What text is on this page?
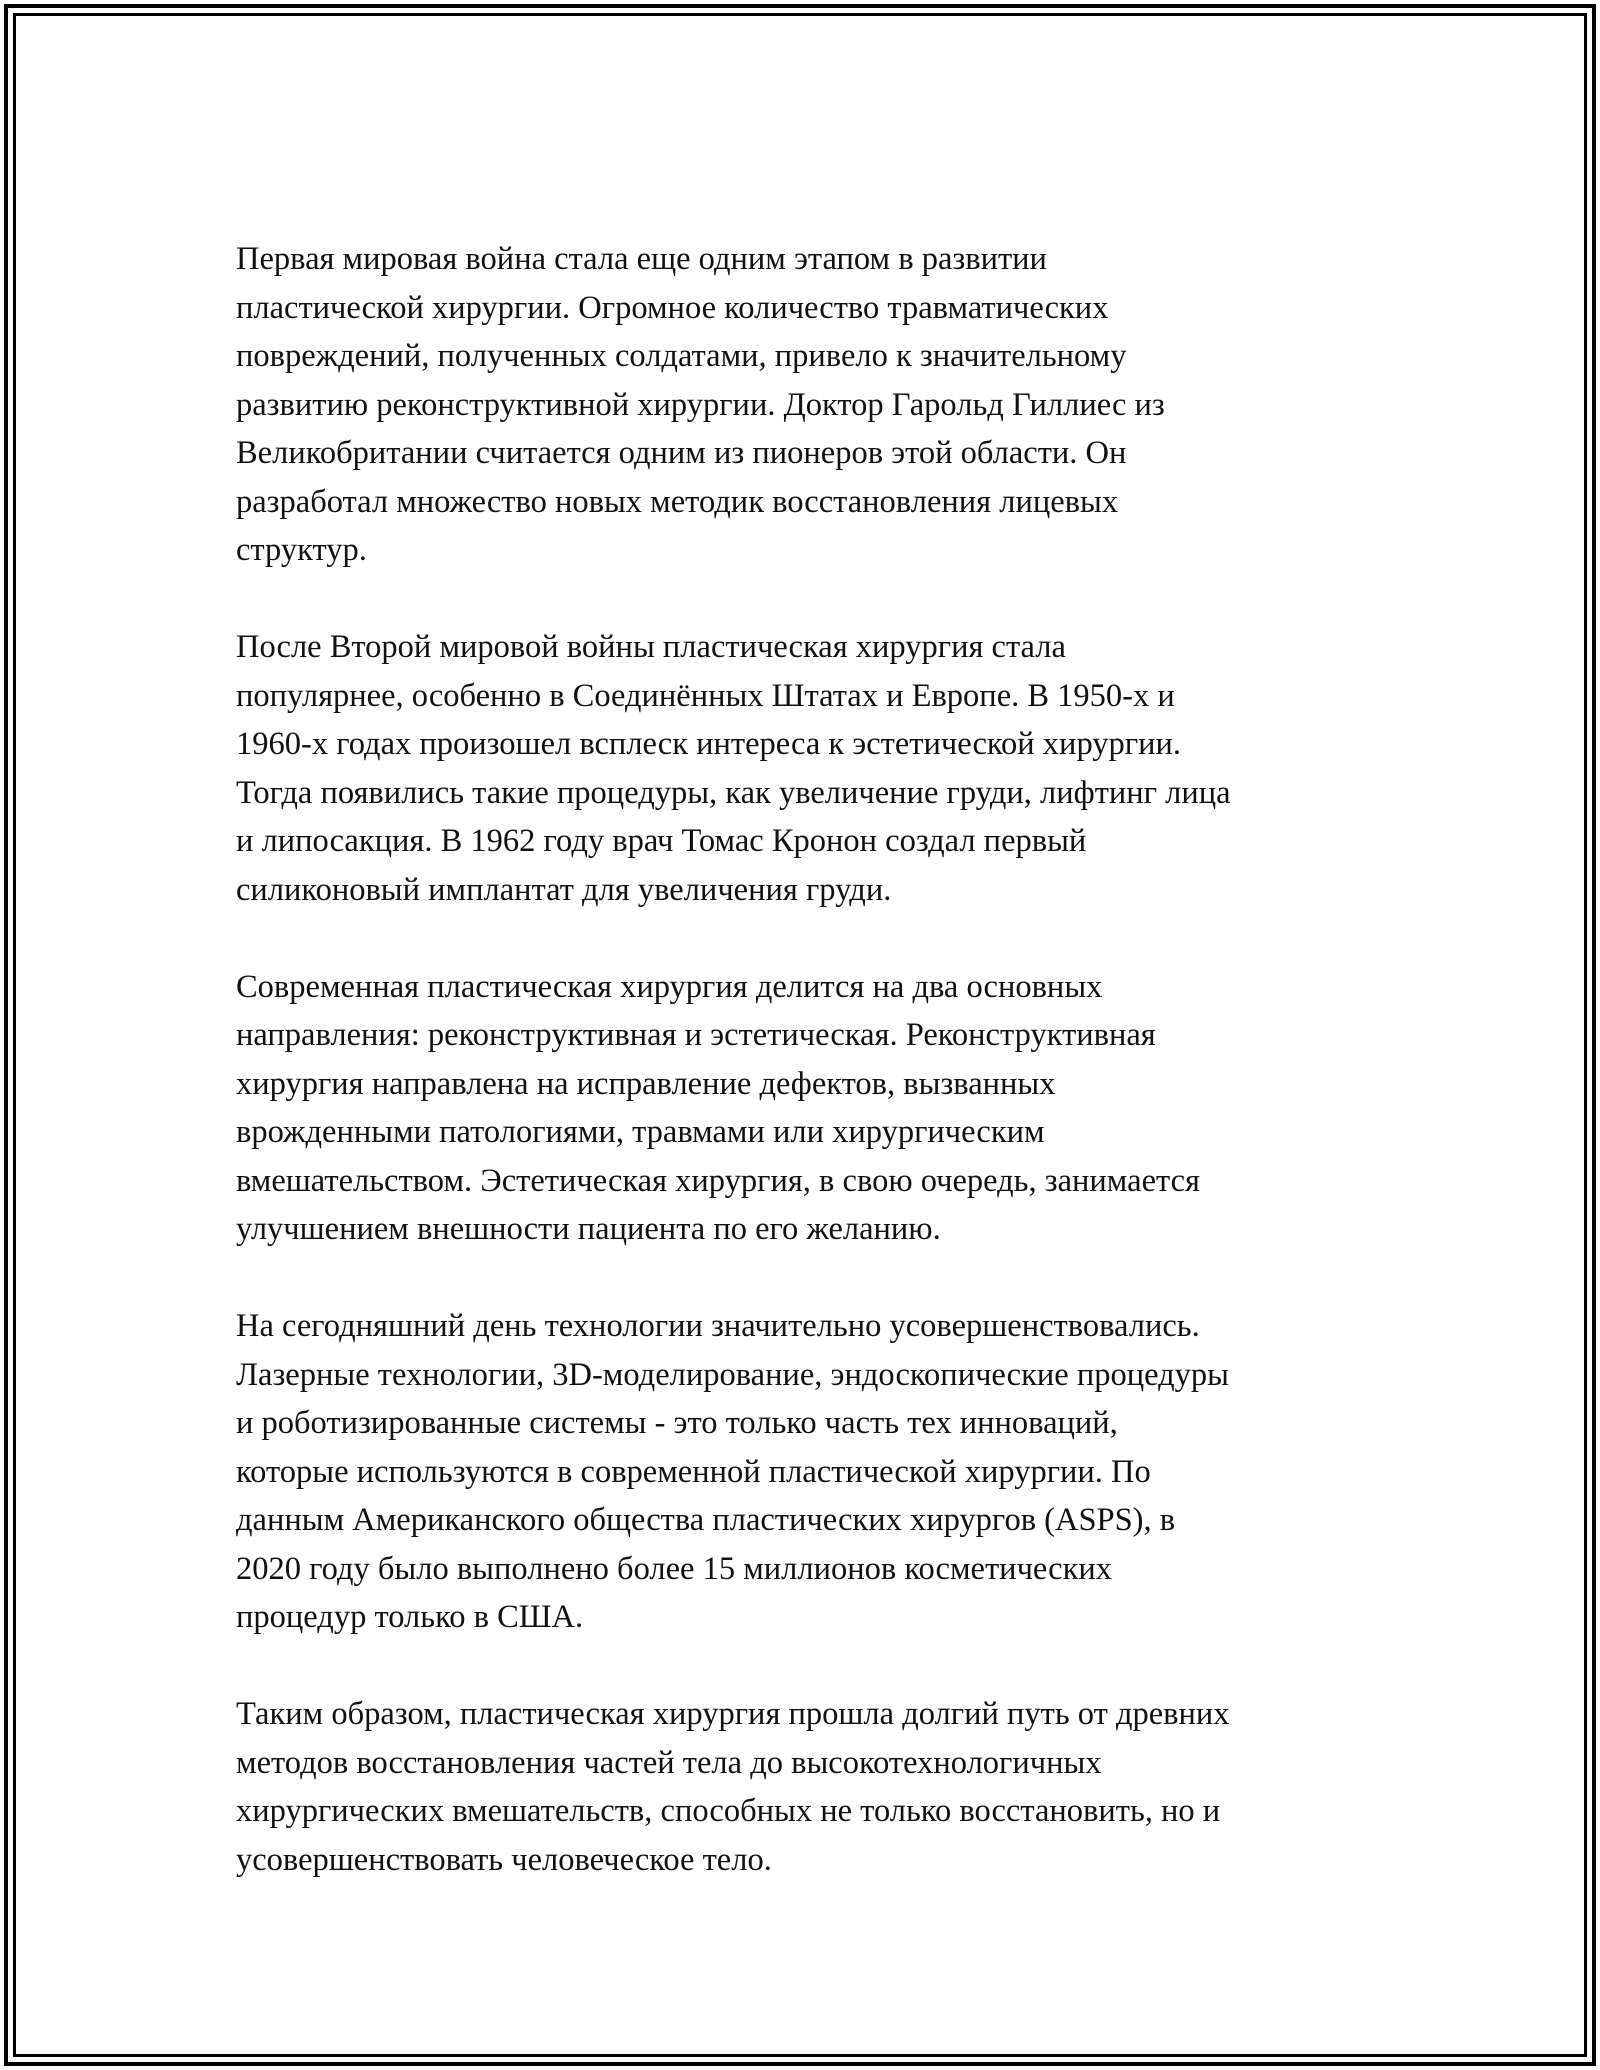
Первая мировая война стала еще одним этапом в развитии
пластической хирургии. Огромное количество травматических
повреждений, полученных солдатами, привело к значительному
развитию реконструктивной хирургии. Доктор Гарольд Гиллиес из
Великобритании считается одним из пионеров этой области. Он
разработал множество новых методик восстановления лицевых
структур.

После Второй мировой войны пластическая хирургия стала
популярнее, особенно в Соединённых Штатах и Европе. В 1950-х и
1960-х годах произошел всплеск интереса к эстетической хирургии.
Тогда появились такие процедуры, как увеличение груди, лифтинг лица
и липосакция. В 1962 году врач Томас Кронон создал первый
силиконовый имплантат для увеличения груди.

Современная пластическая хирургия делится на два основных
направления: реконструктивная и эстетическая. Реконструктивная
хирургия направлена на исправление дефектов, вызванных
врожденными патологиями, травмами или хирургическим
вмешательством. Эстетическая хирургия, в свою очередь, занимается
улучшением внешности пациента по его желанию.

На сегодняшний день технологии значительно усовершенствовались.
Лазерные технологии, 3D-моделирование, эндоскопические процедуры
и роботизированные системы - это только часть тех инноваций,
которые используются в современной пластической хирургии. По
данным Американского общества пластических хирургов (ASPS), в
2020 году было выполнено более 15 миллионов косметических
процедур только в США.

Таким образом, пластическая хирургия прошла долгий путь от древних
методов восстановления частей тела до высокотехнологичных
хирургических вмешательств, способных не только восстановить, но и
усовершенствовать человеческое тело.
